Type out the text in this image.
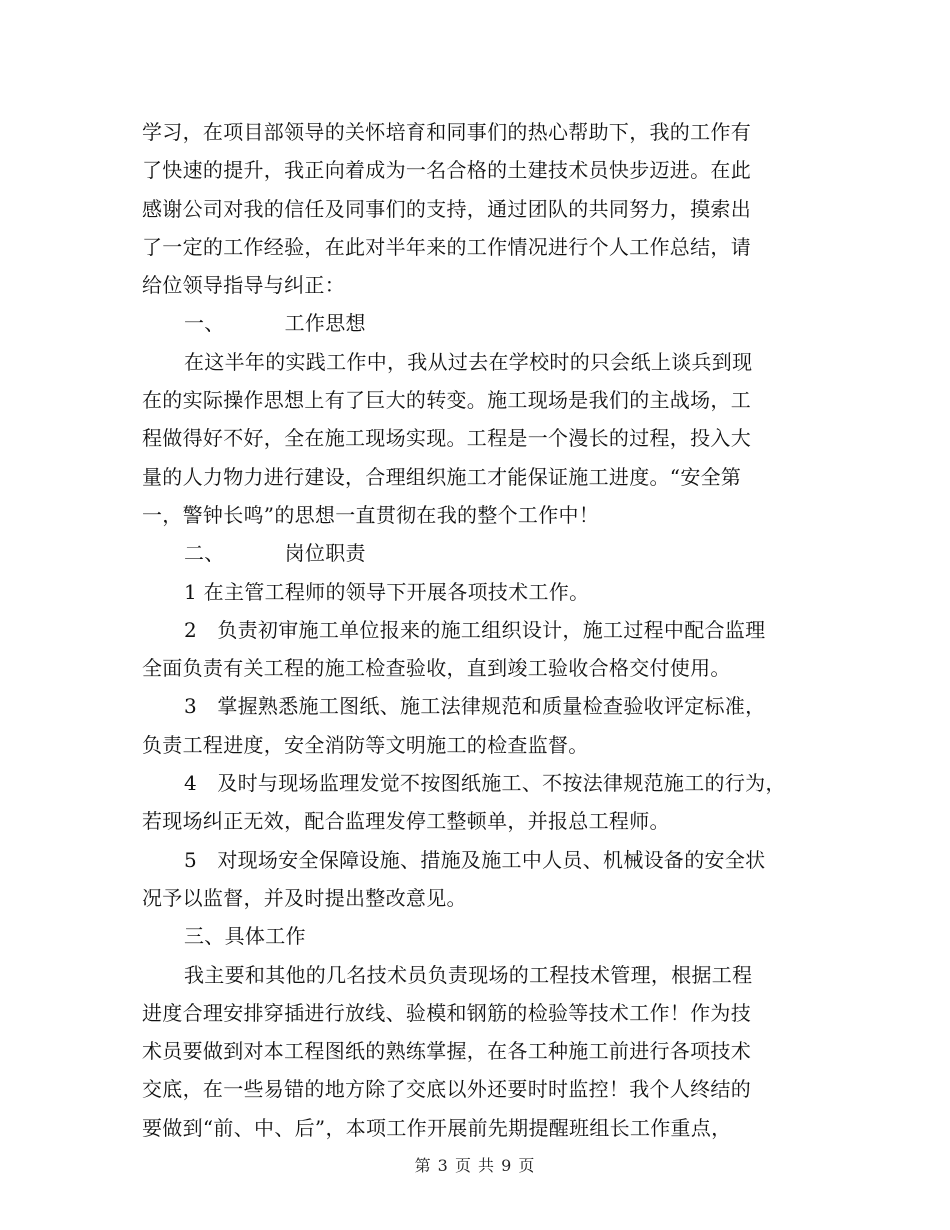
学习，在项目部领导的关怀培育和同事们的热心帮助下，我的工作有
了快速的提升，我正向着成为一名合格的土建技术员快步迈进。在此
感谢公司对我的信任及同事们的支持，通过团队的共同努力，摸索出
了一定的工作经验，在此对半年来的工作情况进行个人工作总结，请
给位领导指导与纠正：
一、	工作思想
在这半年的实践工作中，我从过去在学校时的只会纸上谈兵到现
在的实际操作思想上有了巨大的转变。施工现场是我们的主战场，工
程做得好不好，全在施工现场实现。工程是一个漫长的过程，投入大
量的人力物力进行建设，合理组织施工才能保证施工进度。“安全第
一，警钟长鸣”的思想一直贯彻在我的整个工作中！
二、	岗位职责
1 在主管工程师的领导下开展各项技术工作。
2　负责初审施工单位报来的施工组织设计，施工过程中配合监理
全面负责有关工程的施工检查验收，直到竣工验收合格交付使用。
3　掌握熟悉施工图纸、施工法律规范和质量检查验收评定标准，
负责工程进度，安全消防等文明施工的检查监督。
4　及时与现场监理发觉不按图纸施工、不按法律规范施工的行为，
若现场纠正无效，配合监理发停工整顿单，并报总工程师。
5　对现场安全保障设施、措施及施工中人员、机械设备的安全状
况予以监督，并及时提出整改意见。
三、具体工作
我主要和其他的几名技术员负责现场的工程技术管理，根据工程
进度合理安排穿插进行放线、验模和钢筋的检验等技术工作！作为技
术员要做到对本工程图纸的熟练掌握，在各工种施工前进行各项技术
交底，在一些易错的地方除了交底以外还要时时监控！我个人终结的
要做到“前、中、后”，本项工作开展前先期提醒班组长工作重点，
第 3 页 共 9 页
